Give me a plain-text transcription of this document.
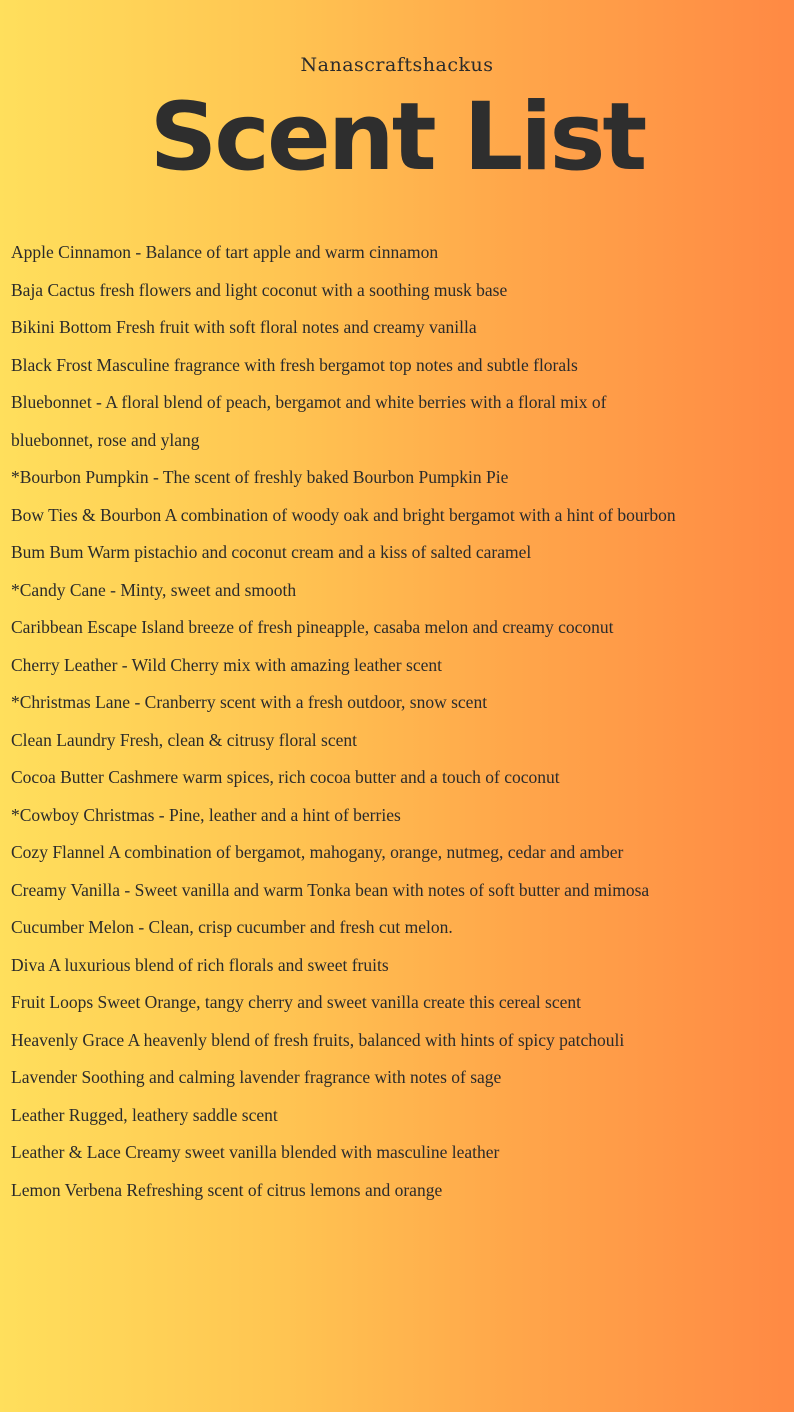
Nanascraftshackus
Scent List
Apple Cinnamon - Balance of tart apple and warm cinnamon
Baja Cactus fresh flowers and light coconut with a soothing musk base
Bikini Bottom Fresh fruit with soft floral notes and creamy vanilla
Black Frost Masculine fragrance with fresh bergamot top notes and subtle florals
Bluebonnet - A floral blend of peach, bergamot and white berries with a floral mix of
bluebonnet, rose and ylang
*Bourbon Pumpkin - The scent of freshly baked Bourbon Pumpkin Pie
Bow Ties & Bourbon A combination of woody oak and bright bergamot with a hint of bourbon
Bum Bum Warm pistachio and coconut cream and a kiss of salted caramel
*Candy Cane - Minty, sweet and smooth
Caribbean Escape Island breeze of fresh pineapple, casaba melon and creamy coconut
Cherry Leather - Wild Cherry mix with amazing leather scent
*Christmas Lane - Cranberry scent with a fresh outdoor, snow scent
Clean Laundry Fresh, clean & citrusy floral scent
Cocoa Butter Cashmere warm spices, rich cocoa butter and a touch of coconut
*Cowboy Christmas - Pine, leather and a hint of berries
Cozy Flannel A combination of bergamot, mahogany, orange, nutmeg, cedar and amber
Creamy Vanilla - Sweet vanilla and warm Tonka bean with notes of soft butter and mimosa
Cucumber Melon - Clean, crisp cucumber and fresh cut melon.
Diva A luxurious blend of rich florals and sweet fruits
Fruit Loops Sweet Orange, tangy cherry and sweet vanilla create this cereal scent
Heavenly Grace A heavenly blend of fresh fruits, balanced with hints of spicy patchouli
Lavender Soothing and calming lavender fragrance with notes of sage
Leather Rugged, leathery saddle scent
Leather & Lace Creamy sweet vanilla blended with masculine leather
Lemon Verbena Refreshing scent of citrus lemons and orange
